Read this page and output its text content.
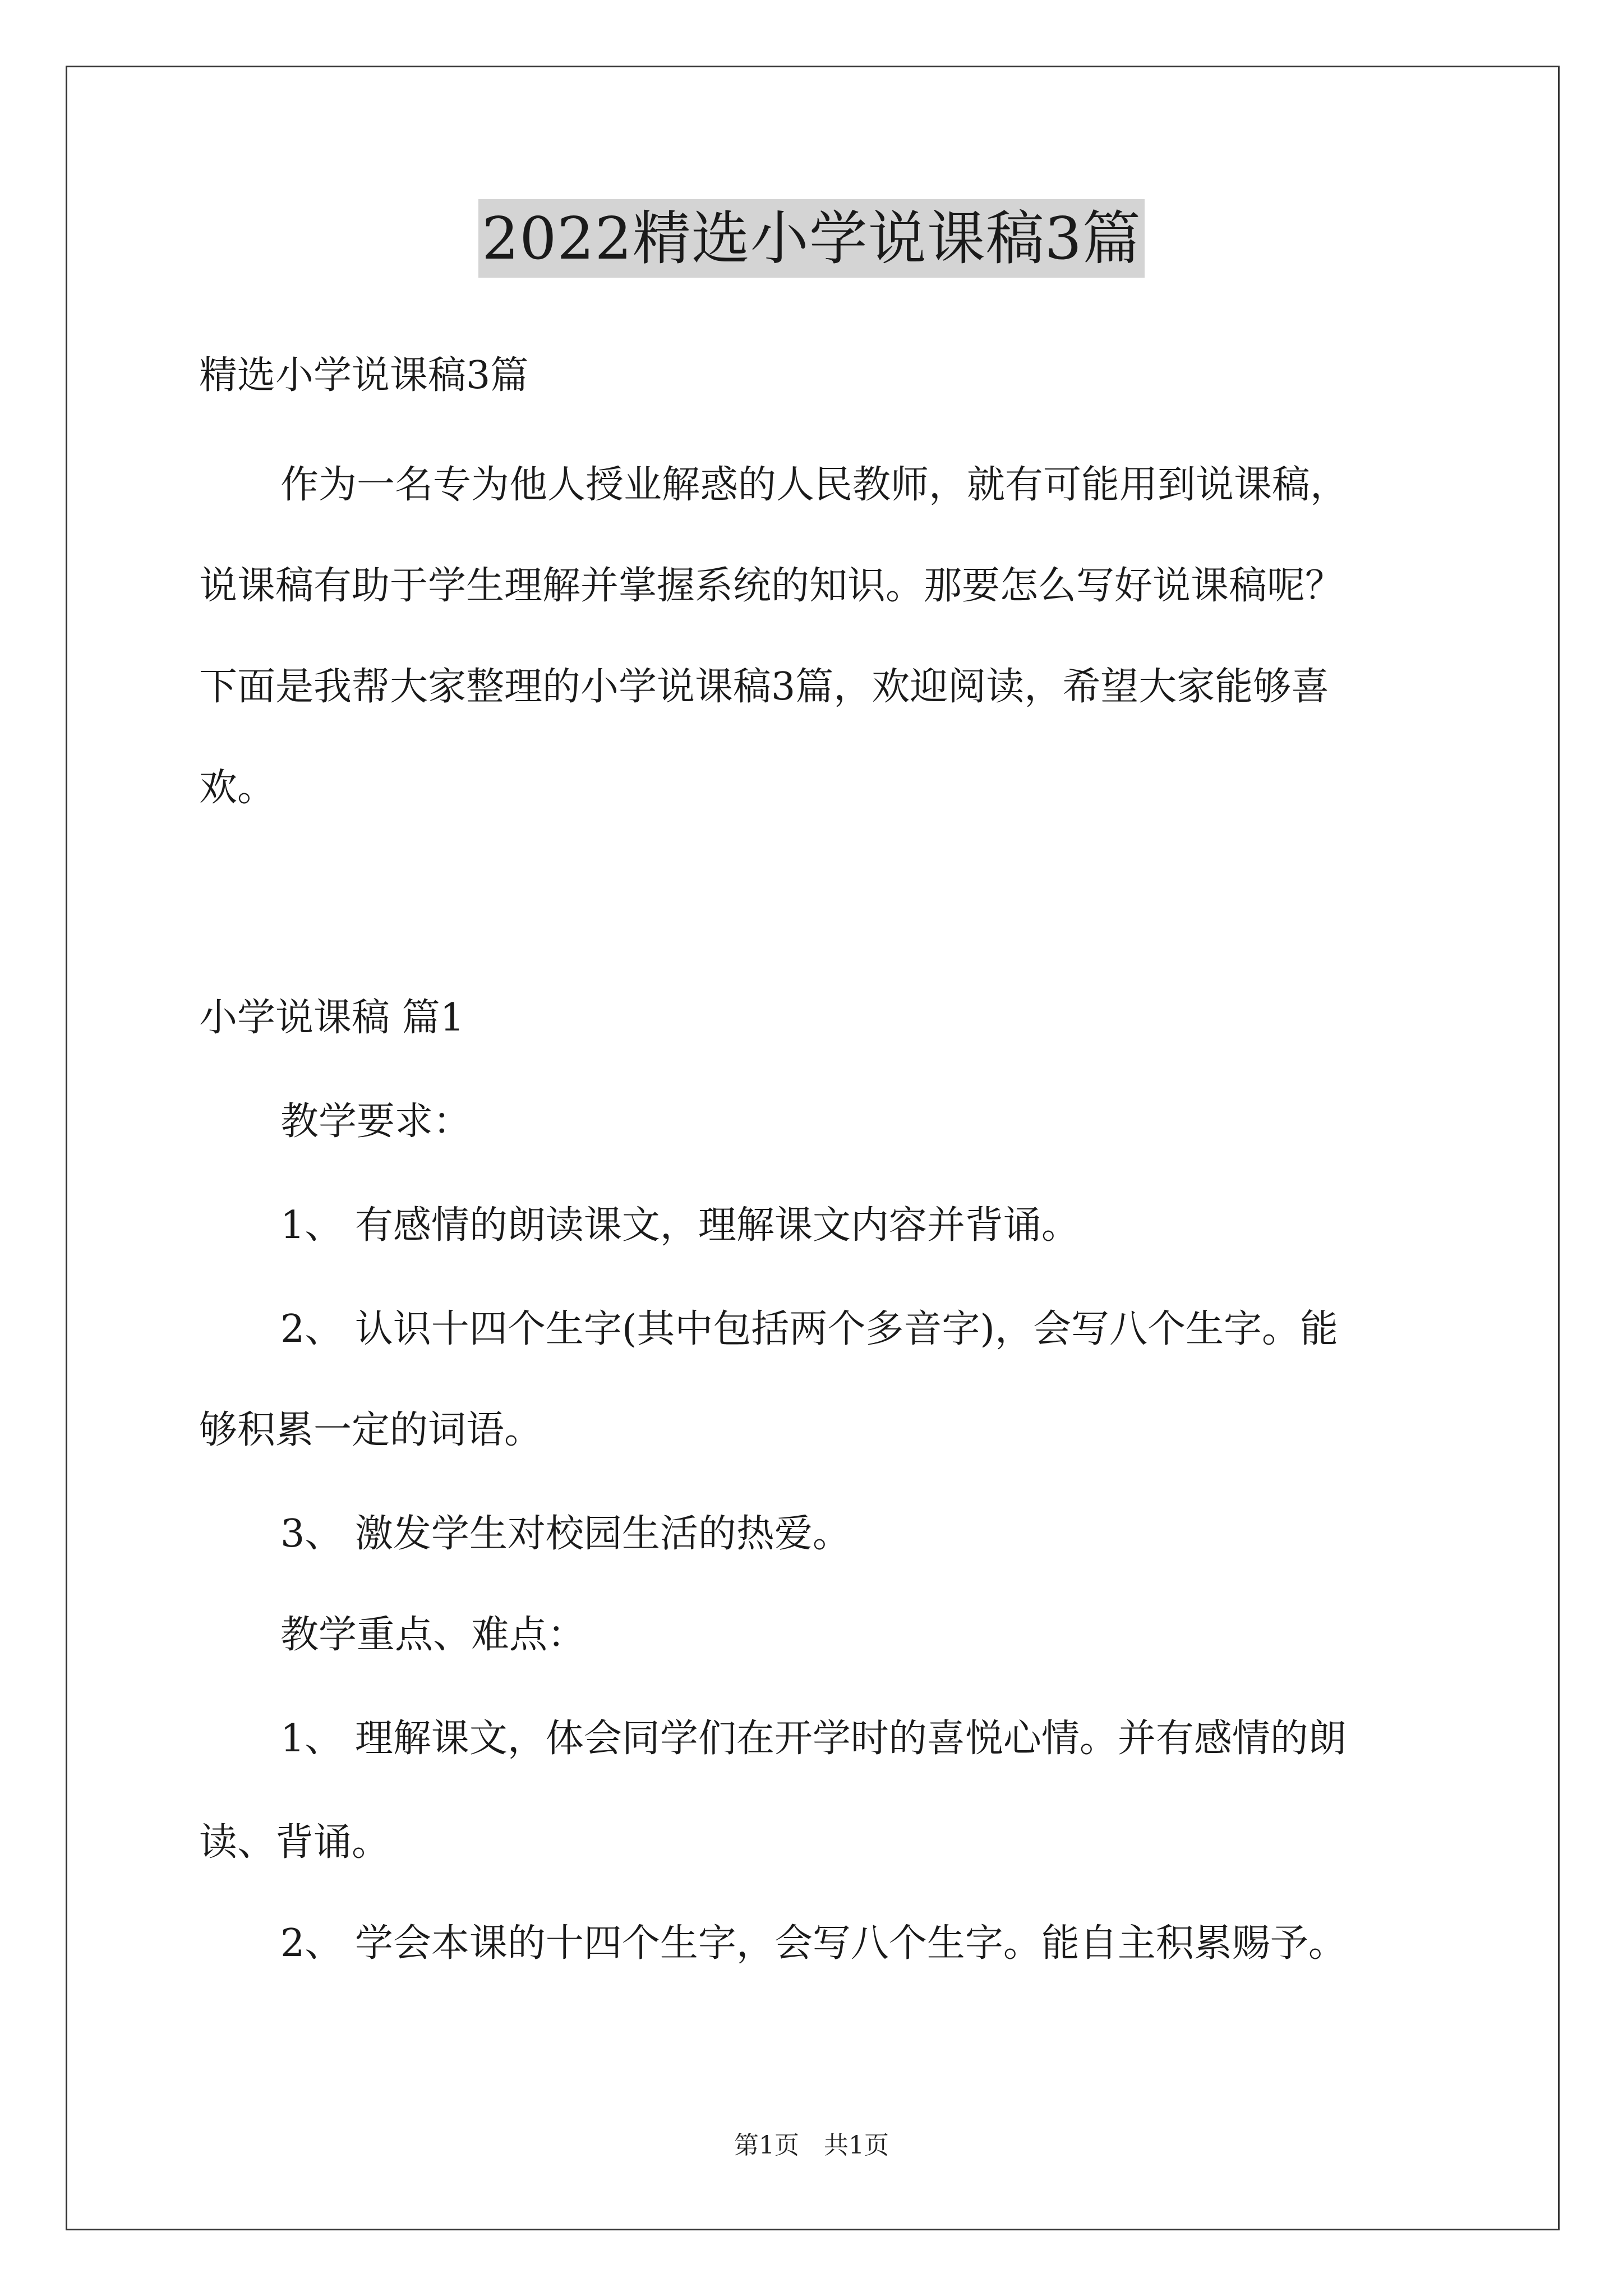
2022精选小学说课稿3篇
精选小学说课稿3篇
作为一名专为他人授业解惑的人民教师，就有可能用到说课稿，
说课稿有助于学生理解并掌握系统的知识。那要怎么写好说课稿呢？
下面是我帮大家整理的小学说课稿3篇，欢迎阅读，希望大家能够喜
欢。
小学说课稿 篇1
教学要求：
1、 有感情的朗读课文，理解课文内容并背诵。
2、 认识十四个生字(其中包括两个多音字)，会写八个生字。能
够积累一定的词语。
3、 激发学生对校园生活的热爱。
教学重点、难点：
1、 理解课文，体会同学们在开学时的喜悦心情。并有感情的朗
读、背诵。
2、 学会本课的十四个生字，会写八个生字。能自主积累赐予。
第1页　共1页
